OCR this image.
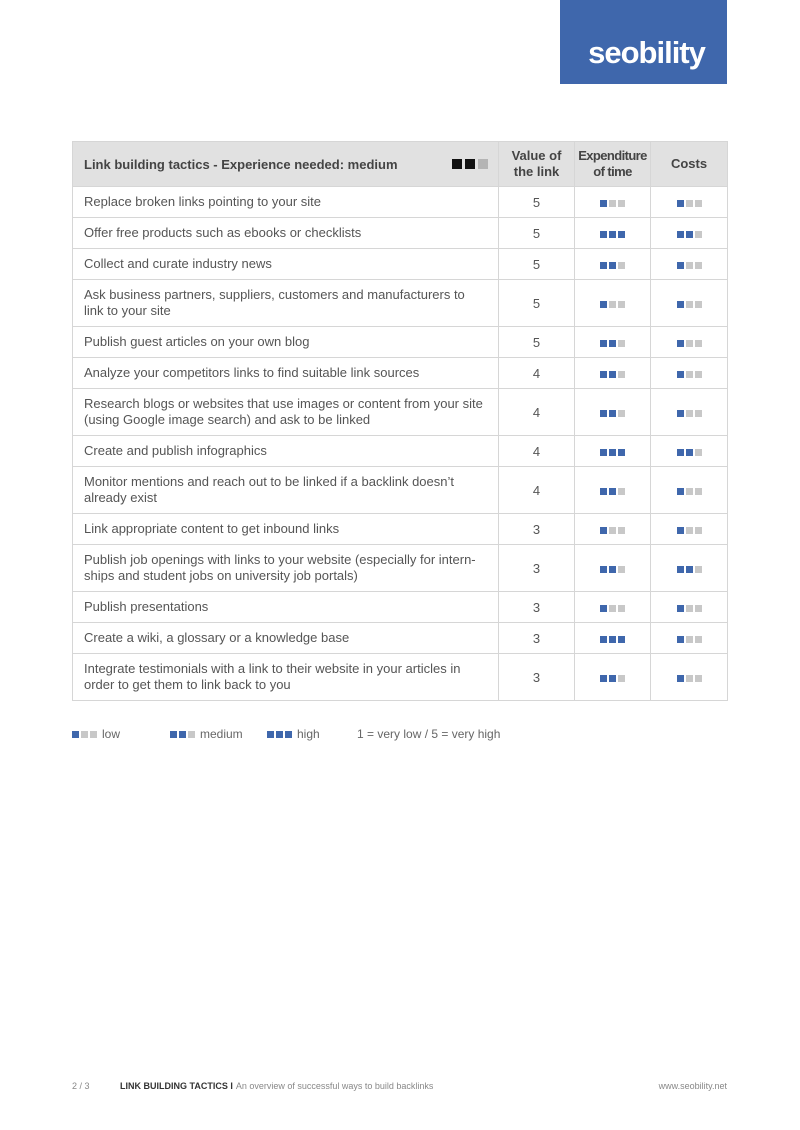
seobility
Link building tactics - Experience needed: medium	Value of the link	Expenditure of time	Costs
Replace broken links pointing to your site	5	

Offer free products such as ebooks or checklists	5	

Collect and curate industry news	5	

Ask business partners, suppliers, customers and manufacturers to link to your site	5	

Publish guest articles on your own blog	5	

Analyze your competitors links to find suitable link sources	4	

Research blogs or websites that use images or content from your site (using Google image search) and ask to be linked	4	

Create and publish infographics	4	

Monitor mentions and reach out to be linked if a backlink doesn’t already exist	4	

Link appropriate content to get inbound links	3	

Publish job openings with links to your website (especially for intern- ships and student jobs on university job portals)	3	

Publish presentations	3	

Create a wiki, a glossary or a knowledge base	3	

Integrate testimonials with a link to their website in your articles in order to get them to link back to you	3	

low	medium	high	1 = very low / 5 = very high
2 / 3	LINK BUILDING TACTICS I An overview of successful ways to build backlinks	www.seobility.net
